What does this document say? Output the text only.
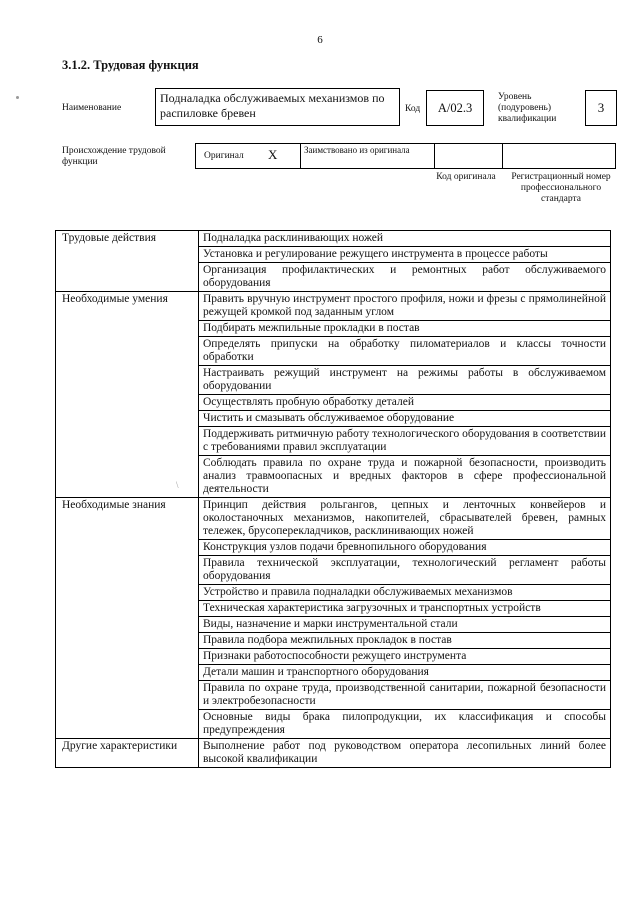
6
3.1.2. Трудовая функция
Наименование
Подналадка обслуживаемых механизмов по распиловке бревен	Код	A/02.3
Уровень (подуровень) квалификации
3
Происхождение трудовой функции
Оригинал X	Заимствовано из оригинала
Код оригинала	Регистрационный номер профессионального стандарта
Трудовые действия	Подналадка расклинивающих ножей
	Установка и регулирование режущего инструмента в процессе работы
	Организация профилактических и ремонтных работ обслуживаемого оборудования
Необходимые умения	Править вручную инструмент простого профиля, ножи и фрезы с прямолинейной режущей кромкой под заданным углом
	Подбирать межпильные прокладки в постав
	Определять припуски на обработку пиломатериалов и классы точности обработки
	Настраивать режущий инструмент на режимы работы в обслуживаемом оборудовании
	Осуществлять пробную обработку деталей
	Чистить и смазывать обслуживаемое оборудование
	Поддерживать ритмичную работу технологического оборудования в соответствии с требованиями правил эксплуатации
	Соблюдать правила по охране труда и пожарной безопасности, производить анализ травмоопасных и вредных факторов в сфере профессиональной деятельности
Необходимые знания	Принцип действия рольгангов, цепных и ленточных конвейеров и околостаночных механизмов, накопителей, сбрасывателей бревен, рамных тележек, брусоперекладчиков, расклинивающих ножей
	Конструкция узлов подачи бревнопильного оборудования
	Правила технической эксплуатации, технологический регламент работы оборудования
	Устройство и правила подналадки обслуживаемых механизмов
	Техническая характеристика загрузочных и транспортных устройств
	Виды, назначение и марки инструментальной стали
	Правила подбора межпильных прокладок в постав
	Признаки работоспособности режущего инструмента
	Детали машин и транспортного оборудования
	Правила по охране труда, производственной санитарии, пожарной безопасности и электробезопасности
	Основные виды брака пилопродукции, их классификация и способы предупреждения
Другие характеристики	Выполнение работ под руководством оператора лесопильных линий более высокой квалификации
\
